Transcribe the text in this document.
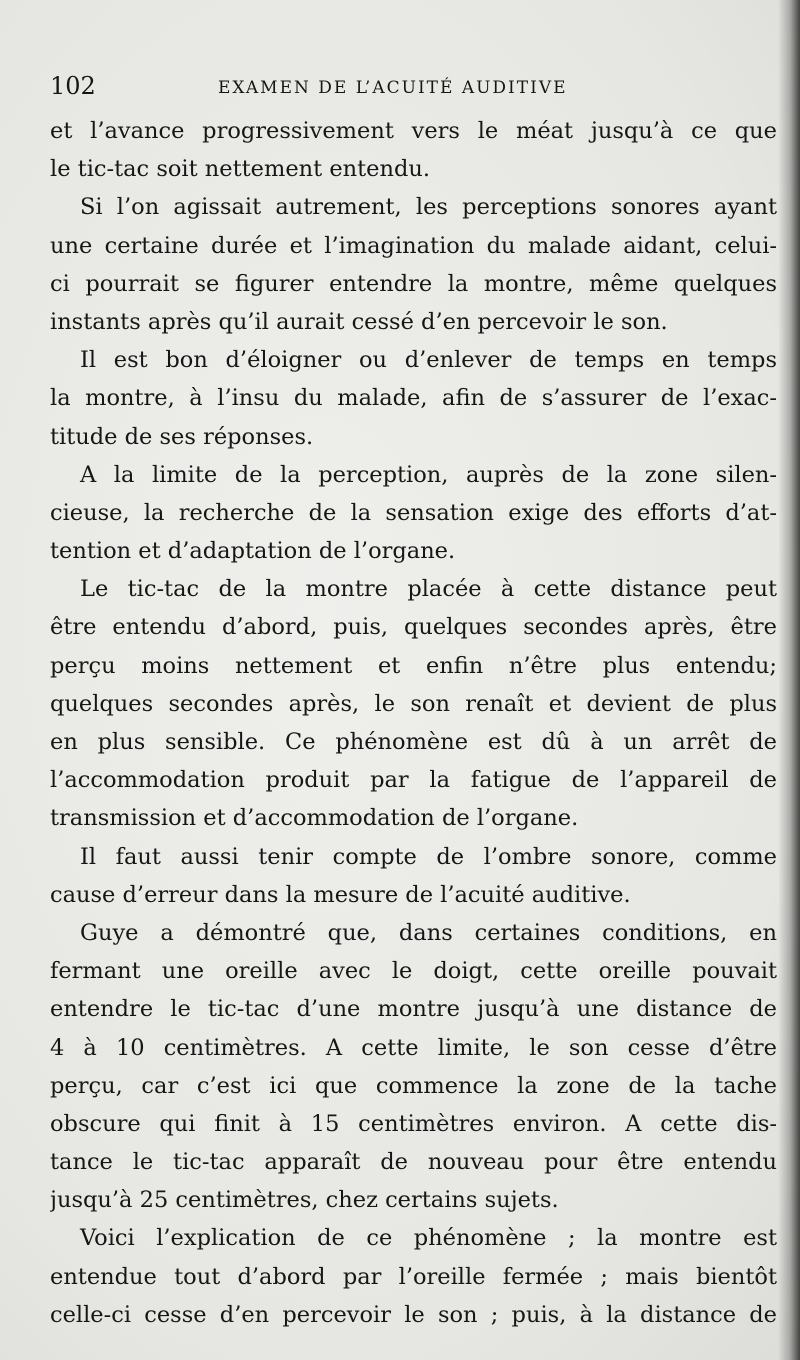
102	EXAMEN DE L’ACUITÉ AUDITIVE
et l’avance progressivement vers le méat jusqu’à ce que
le tic-tac soit nettement entendu.
Si l’on agissait autrement, les perceptions sonores ayant
une certaine durée et l’imagination du malade aidant, celui-
ci pourrait se figurer entendre la montre, même quelques
instants après qu’il aurait cessé d’en percevoir le son.
Il est bon d’éloigner ou d’enlever de temps en temps
la montre, à l’insu du malade, afin de s’assurer de l’exac-
titude de ses réponses.
A la limite de la perception, auprès de la zone silen-
cieuse, la recherche de la sensation exige des efforts d’at-
tention et d’adaptation de l’organe.
Le tic-tac de la montre placée à cette distance peut
être entendu d’abord, puis, quelques secondes après, être
perçu moins nettement et enfin n’être plus entendu;
quelques secondes après, le son renaît et devient de plus
en plus sensible. Ce phénomène est dû à un arrêt de
l’accommodation produit par la fatigue de l’appareil de
transmission et d’accommodation de l’organe.
Il faut aussi tenir compte de l’ombre sonore, comme
cause d’erreur dans la mesure de l’acuité auditive.
Guye a démontré que, dans certaines conditions, en
fermant une oreille avec le doigt, cette oreille pouvait
entendre le tic-tac d’une montre jusqu’à une distance de
4 à 10 centimètres. A cette limite, le son cesse d’être
perçu, car c’est ici que commence la zone de la tache
obscure qui finit à 15 centimètres environ. A cette dis-
tance le tic-tac apparaît de nouveau pour être entendu
jusqu’à 25 centimètres, chez certains sujets.
Voici l’explication de ce phénomène ; la montre est
entendue tout d’abord par l’oreille fermée ; mais bientôt
celle-ci cesse d’en percevoir le son ; puis, à la distance de
